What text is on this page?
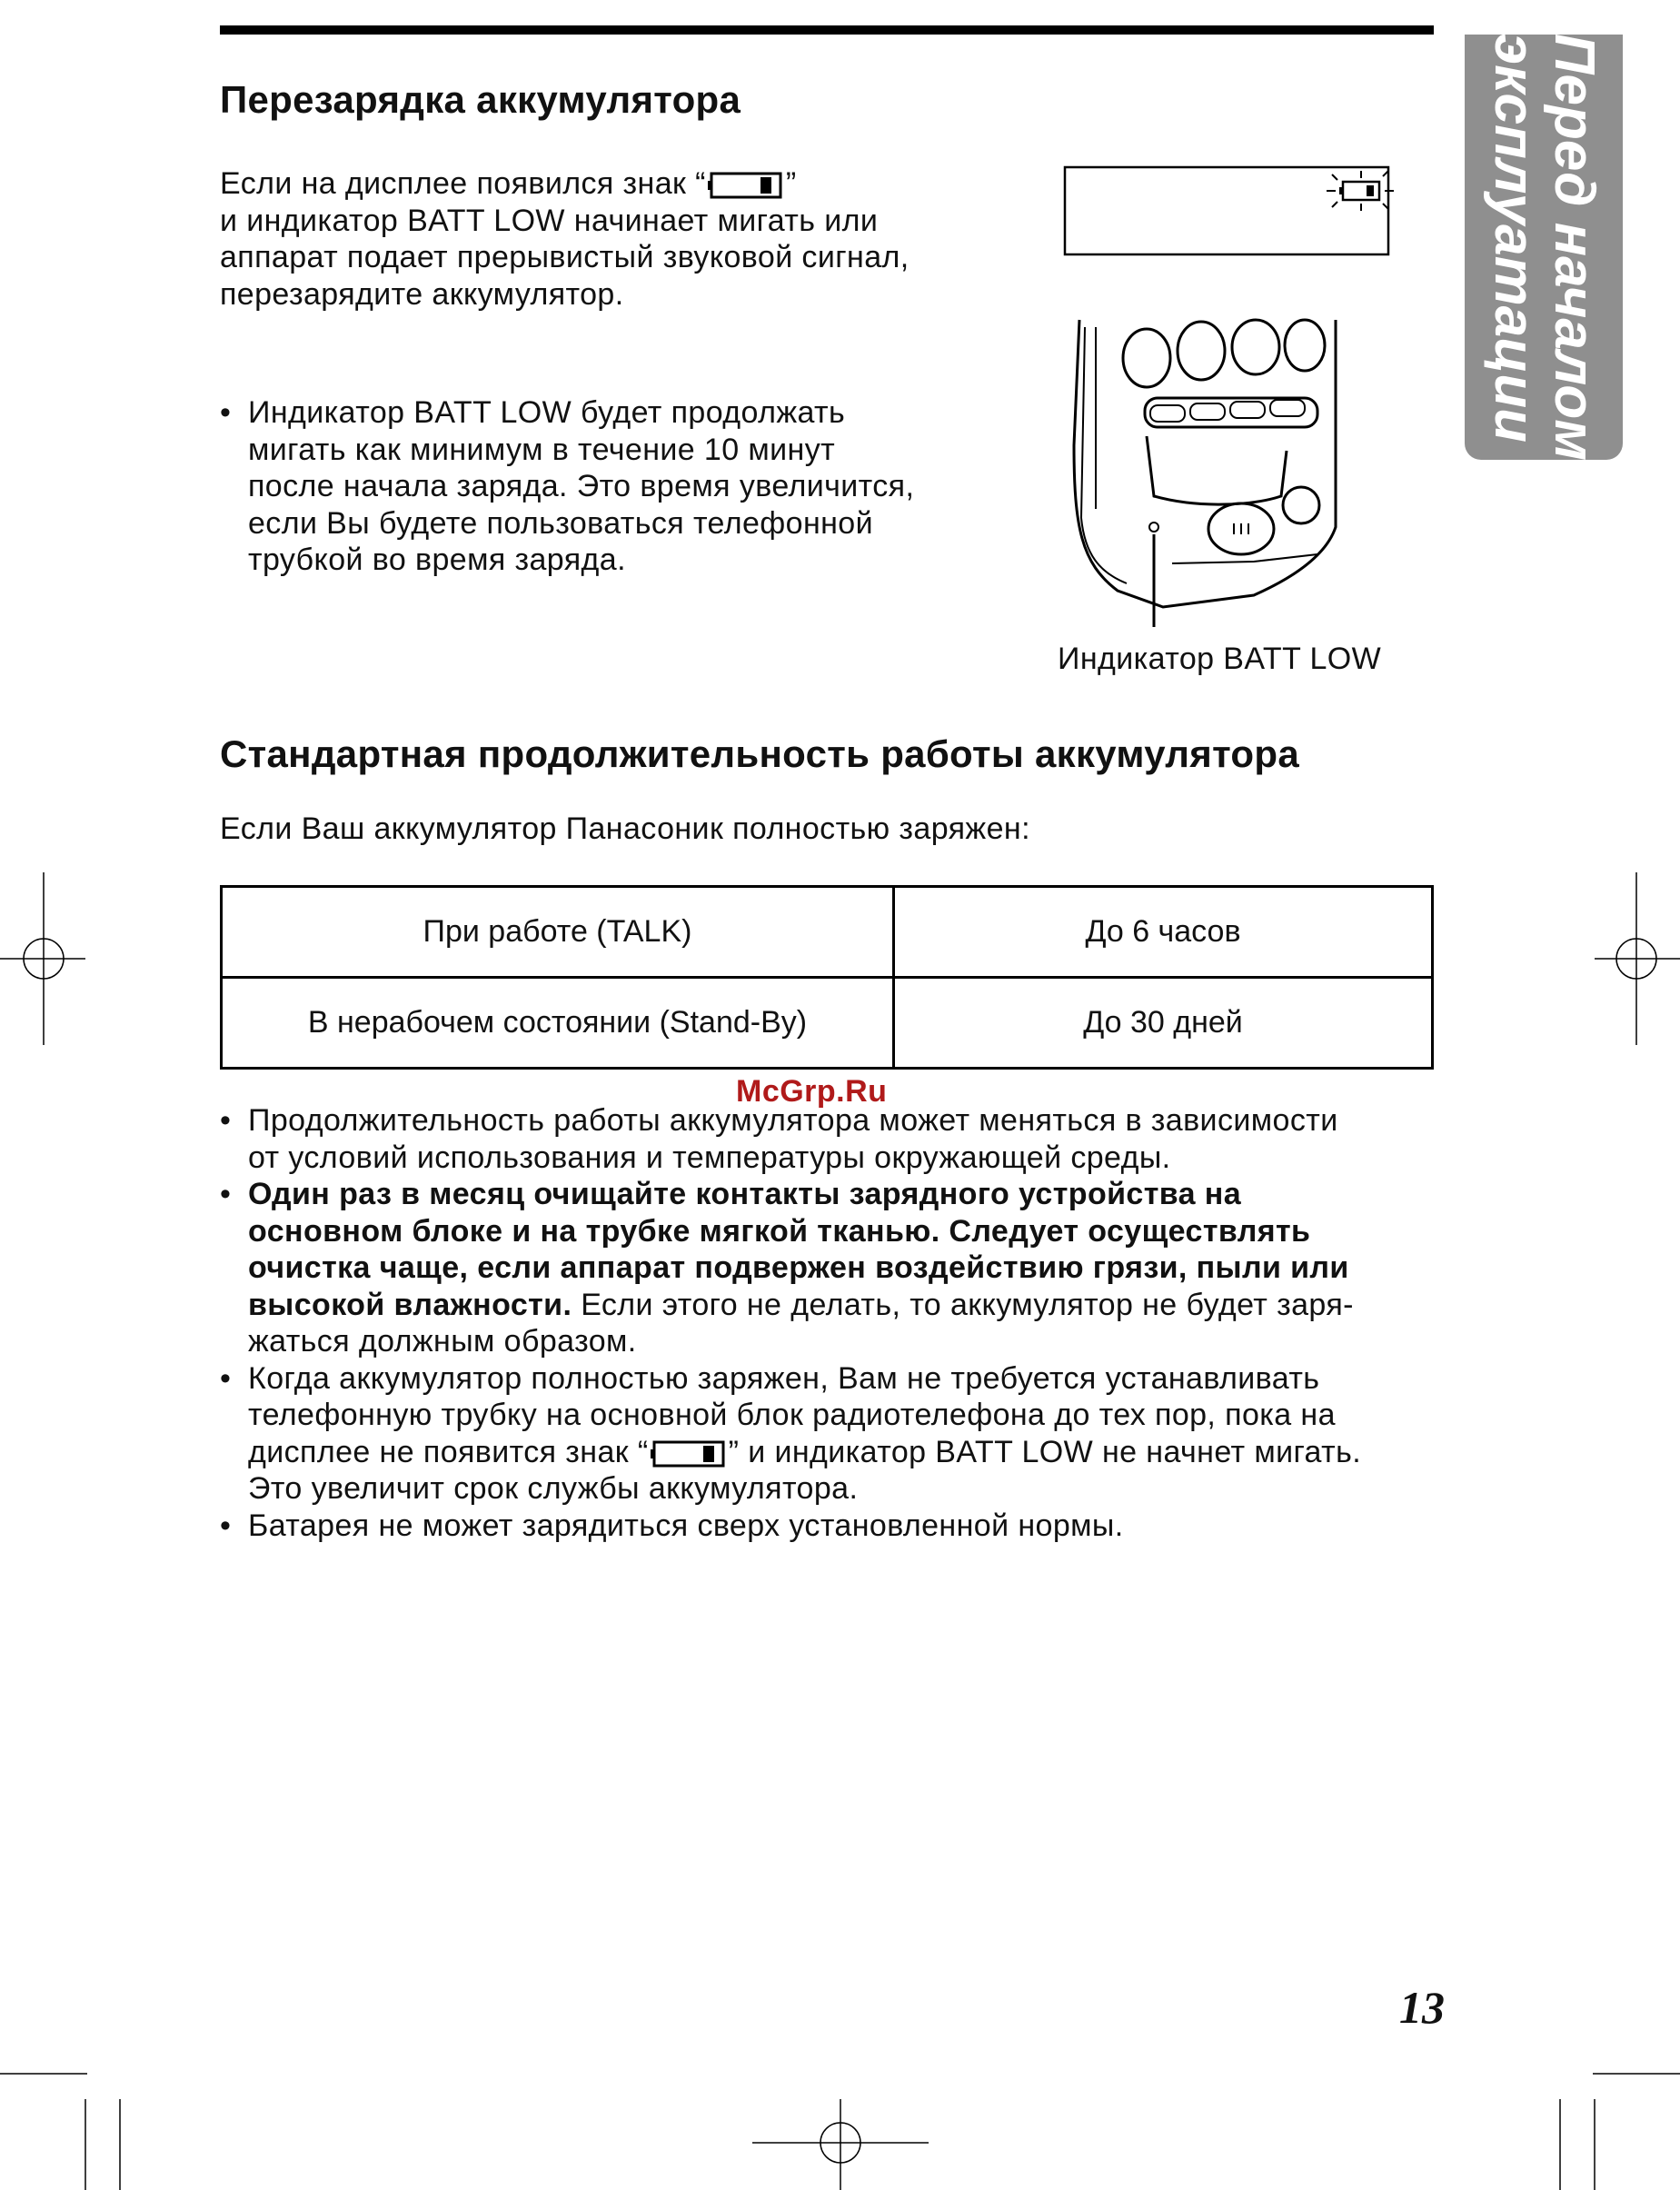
Перед началом
эксплуатации
Перезарядка аккумулятора
Если на дисплее появился знак “	”
и индикатор BATT LOW начинает мигать или
аппарат подает прерывистый звуковой сигнал,
перезарядите аккумулятор.
• Индикатор BATT LOW будет продолжать
мигать как минимум в течение 10 минут
после начала заряда. Это время увеличится,
если Вы будете пользоваться телефонной
трубкой во время заряда.
Индикатор BATT LOW
Стандартная продолжительность работы аккумулятора
Если Ваш аккумулятор Панасоник полностью заряжен:
При работе (TALK)	До 6 часов
В нерабочем состоянии (Stand-By)	До 30 дней
McGrp.Ru
• Продолжительность работы аккумулятора может меняться в зависимости
от условий использования и температуры окружающей среды.
• Один раз в месяц очищайте контакты зарядного устройства на
основном блоке и на трубке мягкой тканью. Следует осуществлять
очистка чаще, если аппарат подвержен воздействию грязи, пыли или
высокой влажности. Если этого не делать, то аккумулятор не будет заря-
жаться должным образом.
• Когда аккумулятор полностью заряжен, Вам не требуется устанавливать
телефонную трубку на основной блок радиотелефона до тех пор, пока на
дисплее не появится знак “	” и индикатор BATT LOW не начнет мигать.
Это увеличит срок службы аккумулятора.
• Батарея не может зарядиться сверх установленной нормы.
13
